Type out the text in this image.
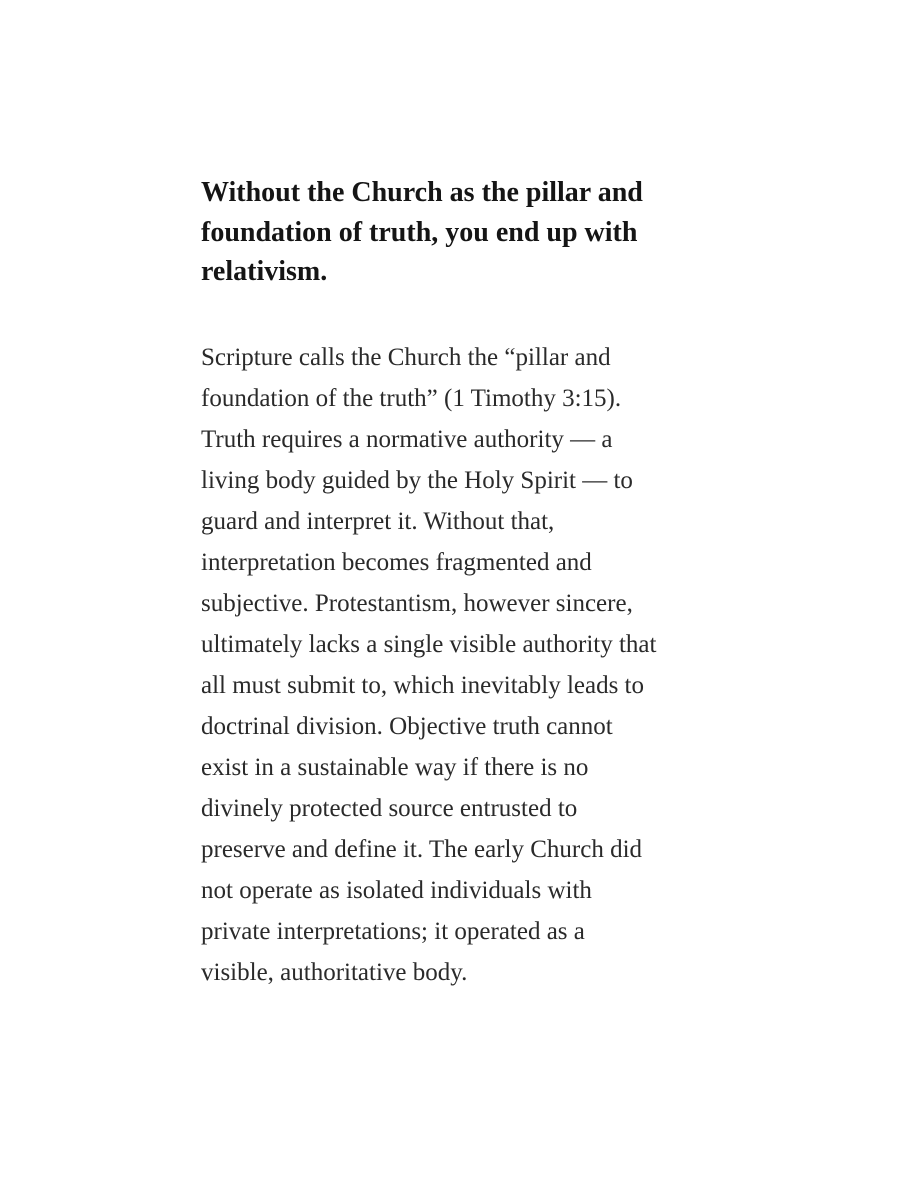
Without the Church as the pillar and
foundation of truth, you end up with
relativism.

Scripture calls the Church the “pillar and
foundation of the truth” (1 Timothy 3:15).
Truth requires a normative authority — a
living body guided by the Holy Spirit — to
guard and interpret it. Without that,
interpretation becomes fragmented and
subjective. Protestantism, however sincere,
ultimately lacks a single visible authority that
all must submit to, which inevitably leads to
doctrinal division. Objective truth cannot
exist in a sustainable way if there is no
divinely protected source entrusted to
preserve and define it. The early Church did
not operate as isolated individuals with
private interpretations; it operated as a
visible, authoritative body.
